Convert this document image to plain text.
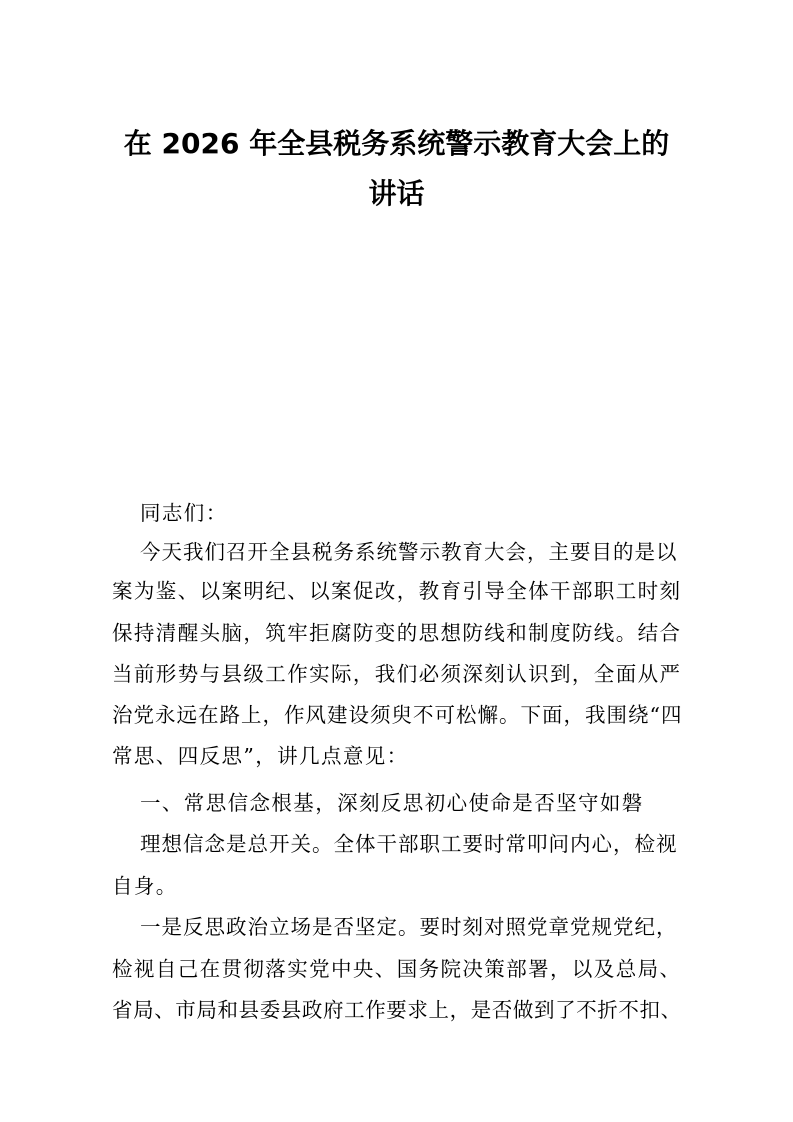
在 2026 年全县税务系统警示教育大会上的
讲话
同志们：
今天我们召开全县税务系统警示教育大会，主要目的是以
案为鉴、以案明纪、以案促改，教育引导全体干部职工时刻
保持清醒头脑，筑牢拒腐防变的思想防线和制度防线。结合
当前形势与县级工作实际，我们必须深刻认识到，全面从严
治党永远在路上，作风建设须臾不可松懈。下面，我围绕“四
常思、四反思”，讲几点意见：
一、常思信念根基，深刻反思初心使命是否坚守如磐
理想信念是总开关。全体干部职工要时常叩问内心，检视
自身。
一是反思政治立场是否坚定。要时刻对照党章党规党纪，
检视自己在贯彻落实党中央、国务院决策部署，以及总局、
省局、市局和县委县政府工作要求上，是否做到了不折不扣、
